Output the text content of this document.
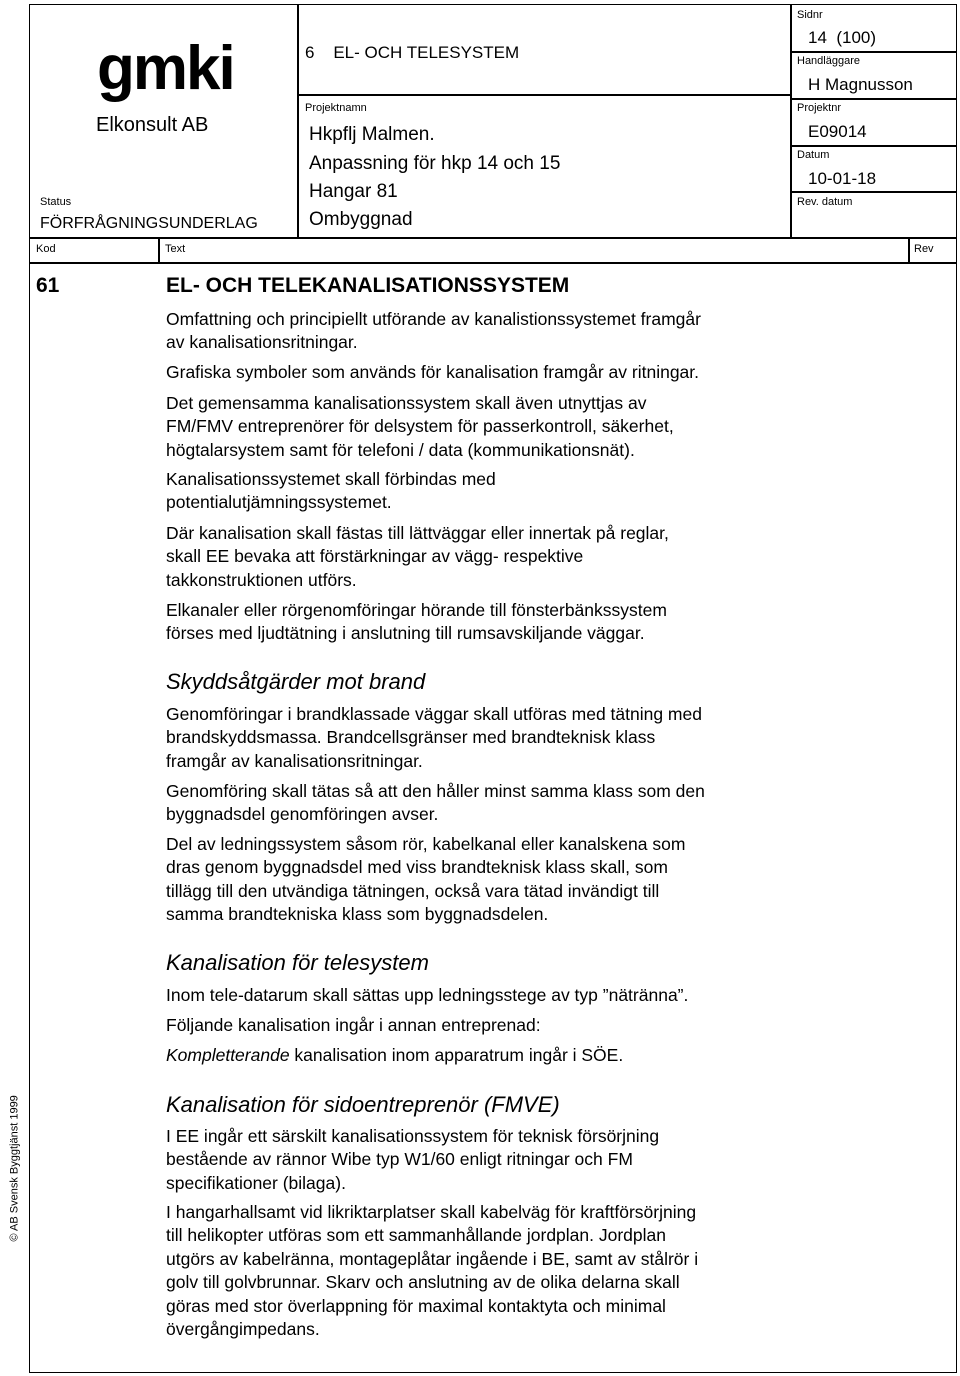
gmki
Elkonsult AB
Status
FÖRFRÅGNINGSUNDERLAG
6    EL- OCH TELESYSTEM
Projektnamn
Hkpflj Malmen.
Anpassning för hkp 14 och 15
Hangar 81
Ombyggnad
Sidnr
14  (100)
Handläggare
H Magnusson
Projektnr
E09014
Datum
10-01-18
Rev. datum
Kod	Text	Rev
61	EL- OCH TELEKANALISATIONSSYSTEM

Omfattning och principiellt utförande av kanalistionssystemet framgår
av kanalisationsritningar.

Grafiska symboler som används för kanalisation framgår av ritningar.

Det gemensamma kanalisationssystem skall även utnyttjas av
FM/FMV entreprenörer för delsystem för passerkontroll, säkerhet,
högtalarsystem samt för telefoni / data (kommunikationsnät).

Kanalisationssystemet skall förbindas med
potentialutjämningssystemet.

Där kanalisation skall fästas till lättväggar eller innertak på reglar,
skall EE bevaka att förstärkningar av vägg- respektive
takkonstruktionen utförs.

Elkanaler eller rörgenomföringar hörande till fönsterbänkssystem
förses med ljudtätning i anslutning till rumsavskiljande väggar.

Skyddsåtgärder mot brand

Genomföringar i brandklassade väggar skall utföras med tätning med
brandskyddsmassa. Brandcellsgränser med brandteknisk klass
framgår av kanalisationsritningar.

Genomföring skall tätas så att den håller minst samma klass som den
byggnadsdel genomföringen avser.

Del av ledningssystem såsom rör, kabelkanal eller kanalskena som
dras genom byggnadsdel med viss brandteknisk klass skall, som
tillägg till den utvändiga tätningen, också vara tätad invändigt till
samma brandtekniska klass som byggnadsdelen.

Kanalisation för telesystem

Inom tele-datarum skall sättas upp ledningsstege av typ ”nätränna”.

Följande kanalisation ingår i annan entreprenad:

Kompletterande kanalisation inom apparatrum ingår i SÖE.

Kanalisation för sidoentreprenör (FMVE)

I EE ingår ett särskilt kanalisationssystem för teknisk försörjning
bestående av rännor Wibe typ W1/60 enligt ritningar och FM
specifikationer (bilaga).

I hangarhallsamt vid likriktarplatser skall kabelväg för kraftförsörjning
till helikopter utföras som ett sammanhållande jordplan. Jordplan
utgörs av kabelränna, montageplåtar ingående i BE, samt av stålrör i
golv till golvbrunnar. Skarv och anslutning av de olika delarna skall
göras med stor överlappning för maximal kontaktyta och minimal
övergångimpedans.

© AB Svensk Byggtjänst 1999
